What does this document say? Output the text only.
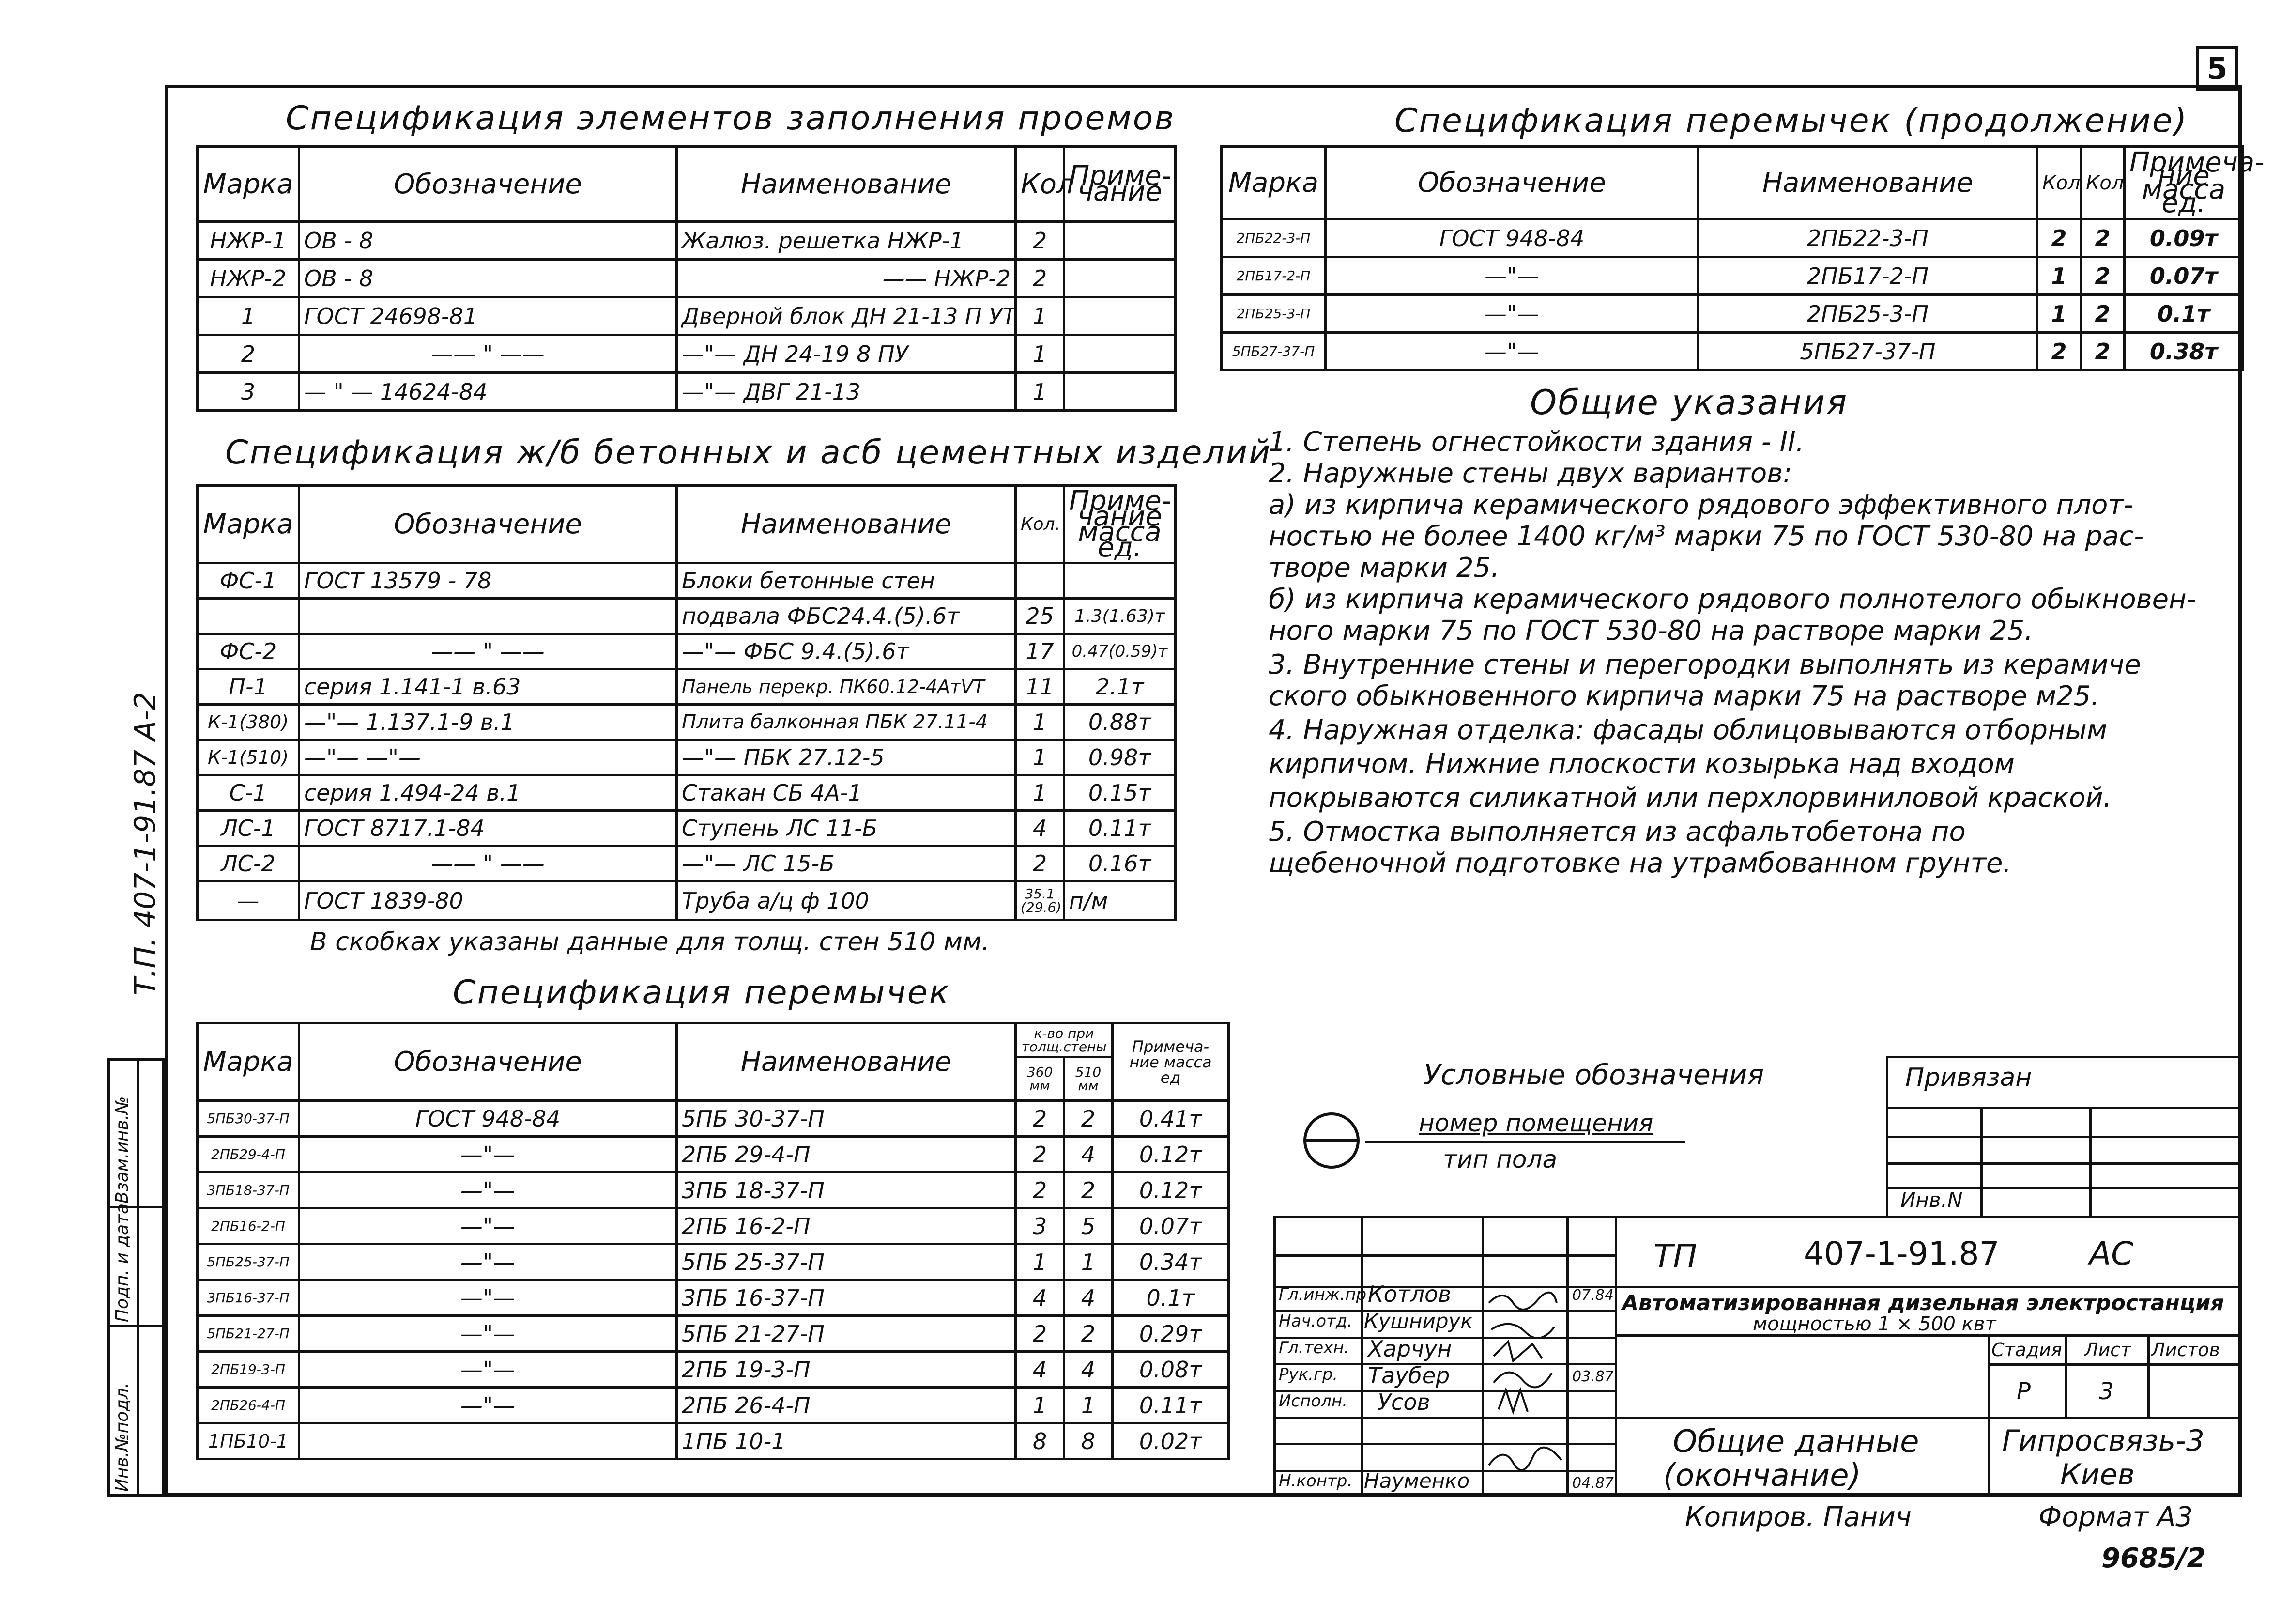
5
Т.П. 407-1-91.87 А-2
Инв.№подл.
Подп. и дата
Взам.инв.№
Спецификация элементов заполнения проемов
Марка	Обозначение	Наименование	Кол	Приме-чание
НЖР-1	ОВ - 8	Жалюз. решетка НЖР-1	2	
НЖР-2	ОВ - 8	—— НЖР-2	2	
1	ГОСТ 24698-81	Дверной блок ДН 21-13 П УТ	1	
2	—— " ——	—"— ДН 24-19 8 ПУ	1	
3	— " — 14624-84	—"— ДВГ 21-13	1	
Спецификация ж/б бетонных и асб цементных изделий
Марка	Обозначение	Наименование	Кол.	Приме-чание масса ед.
ФС-1	ГОСТ 13579 - 78	Блоки бетонные стен		
		подвала ФБС24.4.(5).6т	25	1.3(1.63)т
ФС-2	—— " ——	—"— ФБС 9.4.(5).6т	17	0.47(0.59)т
П-1	серия 1.141-1 в.63	Панель перекр. ПК60.12-4АтVТ	11	2.1т
К-1(380)	—"— 1.137.1-9 в.1	Плита балконная ПБК 27.11-4	1	0.88т
К-1(510)	—"— —"—	—"— ПБК 27.12-5	1	0.98т
С-1	серия 1.494-24 в.1	Стакан СБ 4А-1	1	0.15т
ЛС-1	ГОСТ 8717.1-84	Ступень ЛС 11-Б	4	0.11т
ЛС-2	—— " ——	—"— ЛС 15-Б	2	0.16т
—	ГОСТ 1839-80	Труба а/ц ф 100	35.1 (29.6)	п/м
В скобках указаны данные для толщ. стен 510 мм.
Спецификация перемычек
Марка	Обозначение	Наименование	к-во при толщ.стены		Примеча-ние масса ед
			360 мм	510 мм	
5ПБ30-37-П	ГОСТ 948-84	5ПБ 30-37-П	2	2	0.41т
2ПБ29-4-П	—"—	2ПБ 29-4-П	2	4	0.12т
3ПБ18-37-П	—"—	3ПБ 18-37-П	2	2	0.12т
2ПБ16-2-П	—"—	2ПБ 16-2-П	3	5	0.07т
5ПБ25-37-П	—"—	5ПБ 25-37-П	1	1	0.34т
3ПБ16-37-П	—"—	3ПБ 16-37-П	4	4	0.1т
5ПБ21-27-П	—"—	5ПБ 21-27-П	2	2	0.29т
2ПБ19-3-П	—"—	2ПБ 19-3-П	4	4	0.08т
2ПБ26-4-П	—"—	2ПБ 26-4-П	1	1	0.11т
1ПБ10-1		1ПБ 10-1	8	8	0.02т
Спецификация перемычек (продолжение)
Марка	Обозначение	Наименование	Кол	Кол	Примеча-ние масса ед.
2ПБ22-3-П	ГОСТ 948-84	2ПБ22-3-П	2	2	0.09т
2ПБ17-2-П	—"—	2ПБ17-2-П	1	2	0.07т
2ПБ25-3-П	—"—	2ПБ25-3-П	1	2	0.1т
5ПБ27-37-П	—"—	5ПБ27-37-П	2	2	0.38т
Общие указания
1. Степень огнестойкости здания - II.
2. Наружные стены двух вариантов:
а) из кирпича керамического рядового эффективного плот-
ностью не более 1400 кг/м³ марки 75 по ГОСТ 530-80 на рас-
творе марки 25.
б) из кирпича керамического рядового полнотелого обыкновен-
ного марки 75 по ГОСТ 530-80 на растворе марки 25.
3. Внутренние стены и перегородки выполнять из керамиче
ского обыкновенного кирпича марки 75 на растворе м25.
4. Наружная отделка: фасады облицовываются отборным
кирпичом. Нижние плоскости козырька над входом
покрываются силикатной или перхлорвиниловой краской.
5. Отмостка выполняется из асфальтобетона по
щебеночной подготовке на утрамбованном грунте.
Условные обозначения
номер помещения
тип пола
Привязан
Инв.N
Гл.инж.пр Котлов	07.84
Нач.отд. Кушнирук
Гл.техн. Харчун
Рук.гр. Таубер	03.87
Исполн. Усов
Н.контр. Науменко	04.87
ТП	407-1-91.87	АС
Автоматизированная дизельная электростанция
мощностью 1 × 500 квт
Стадия Лист Листов
Р	3
Общие данные
(окончание)
Гипросвязь-3
Киев
Копиров. Панич	Формат А3
9685/2
